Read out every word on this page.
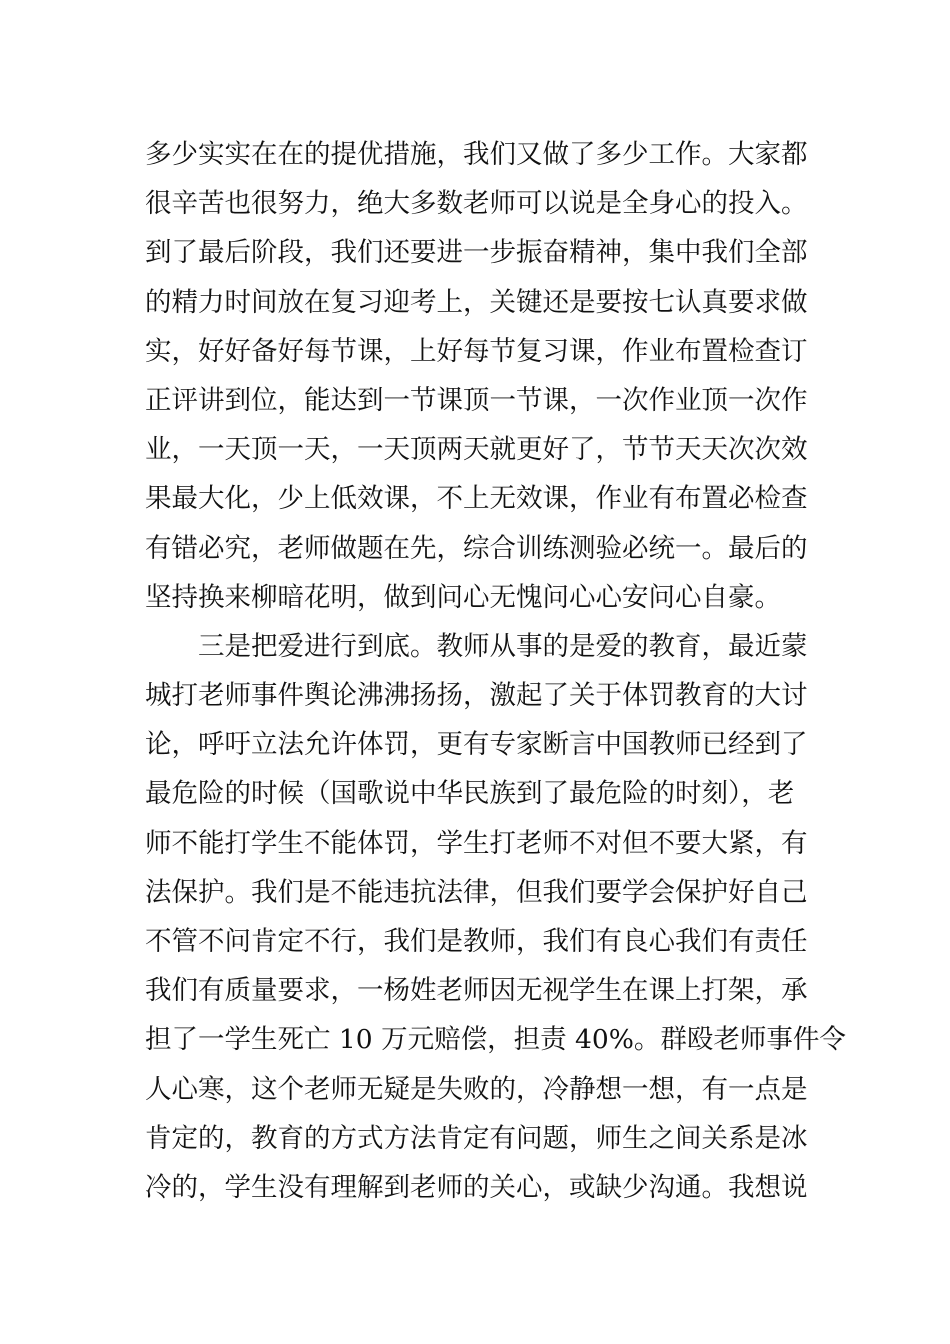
多少实实在在的提优措施，我们又做了多少工作。大家都
很辛苦也很努力，绝大多数老师可以说是全身心的投入。
到了最后阶段，我们还要进一步振奋精神，集中我们全部
的精力时间放在复习迎考上，关键还是要按七认真要求做
实，好好备好每节课，上好每节复习课，作业布置检查订
正评讲到位，能达到一节课顶一节课，一次作业顶一次作
业，一天顶一天，一天顶两天就更好了，节节天天次次效
果最大化，少上低效课，不上无效课，作业有布置必检查
有错必究，老师做题在先，综合训练测验必统一。最后的
坚持换来柳暗花明，做到问心无愧问心心安问心自豪。
三是把爱进行到底。教师从事的是爱的教育，最近蒙
城打老师事件舆论沸沸扬扬，激起了关于体罚教育的大讨
论，呼吁立法允许体罚，更有专家断言中国教师已经到了
最危险的时候（国歌说中华民族到了最危险的时刻），老
师不能打学生不能体罚，学生打老师不对但不要大紧，有
法保护。我们是不能违抗法律，但我们要学会保护好自己
不管不问肯定不行，我们是教师，我们有良心我们有责任
我们有质量要求，一杨姓老师因无视学生在课上打架，承
担了一学生死亡 10 万元赔偿，担责 40%。群殴老师事件令
人心寒，这个老师无疑是失败的，冷静想一想，有一点是
肯定的，教育的方式方法肯定有问题，师生之间关系是冰
冷的，学生没有理解到老师的关心，或缺少沟通。我想说
